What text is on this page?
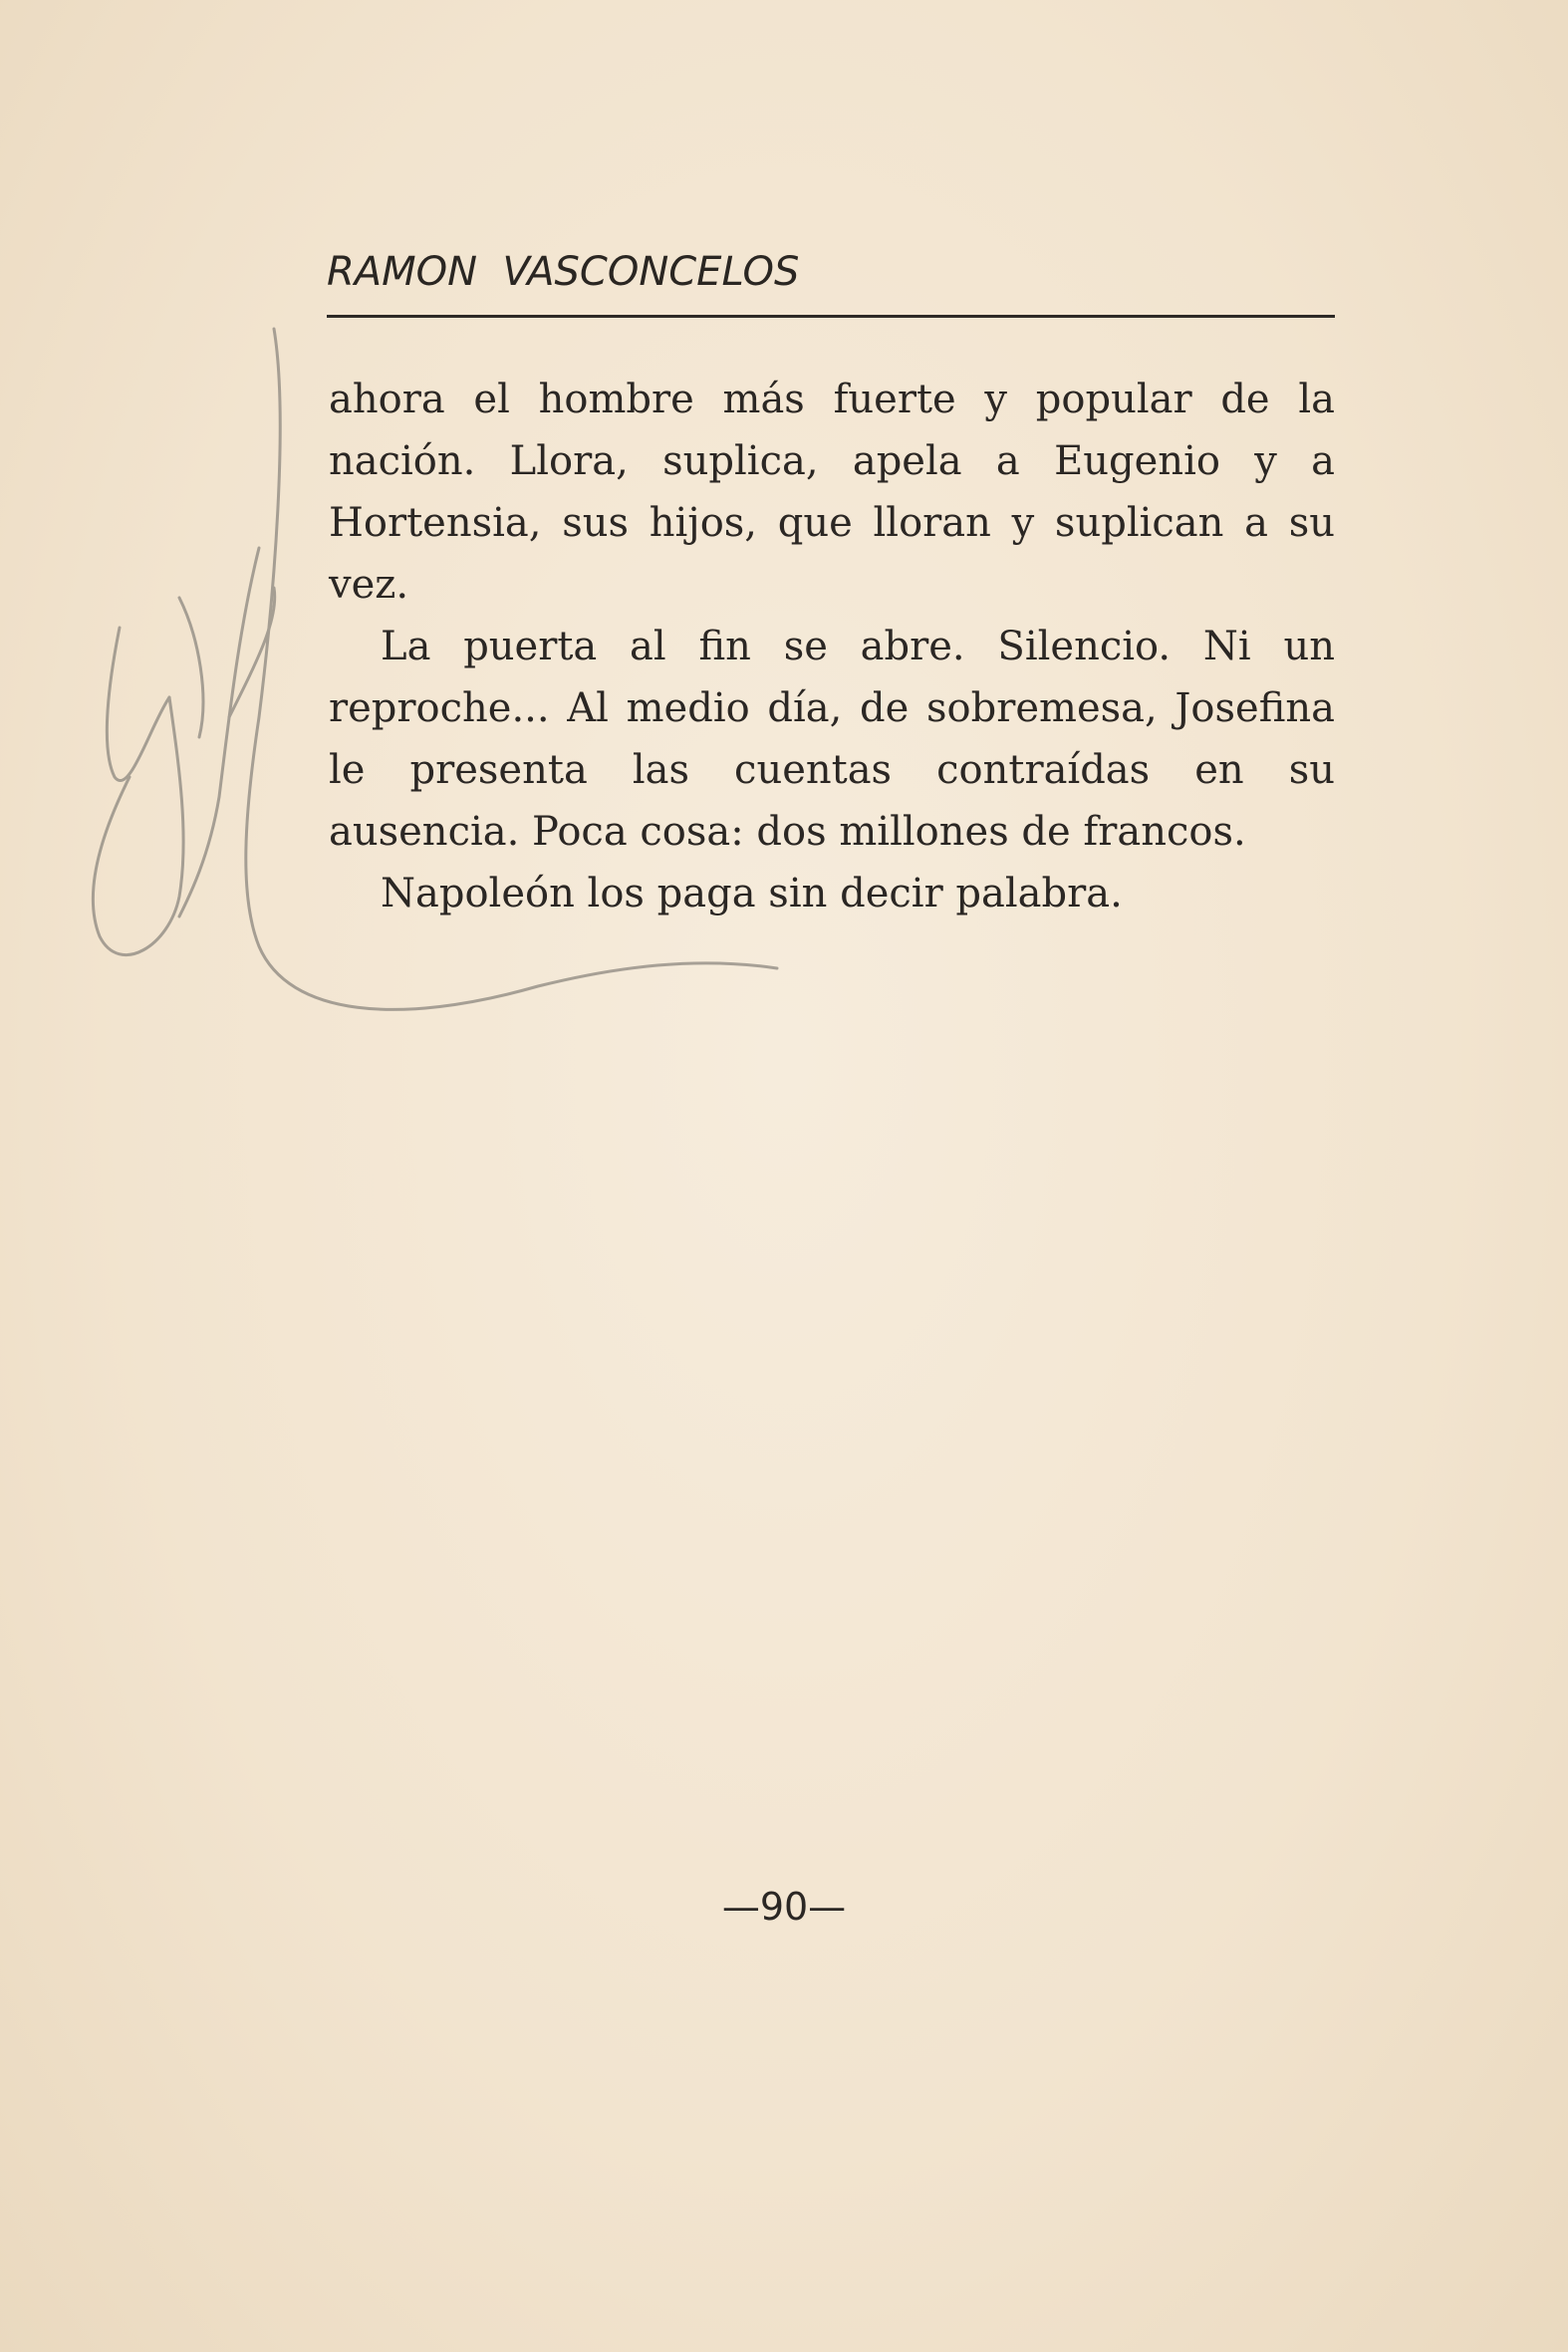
RAMON  VASCONCELOS

ahora el hombre más fuerte y popular de la nación. Llora, suplica, apela a Eugenio y a Hortensia, sus hijos, que lloran y suplican a su vez.

La puerta al fin se abre. Silencio. Ni un reproche... Al medio día, de sobremesa, Josefina le presenta las cuentas contraídas en su ausencia. Poca cosa: dos millones de francos.

Napoleón los paga sin decir palabra.

—90—
